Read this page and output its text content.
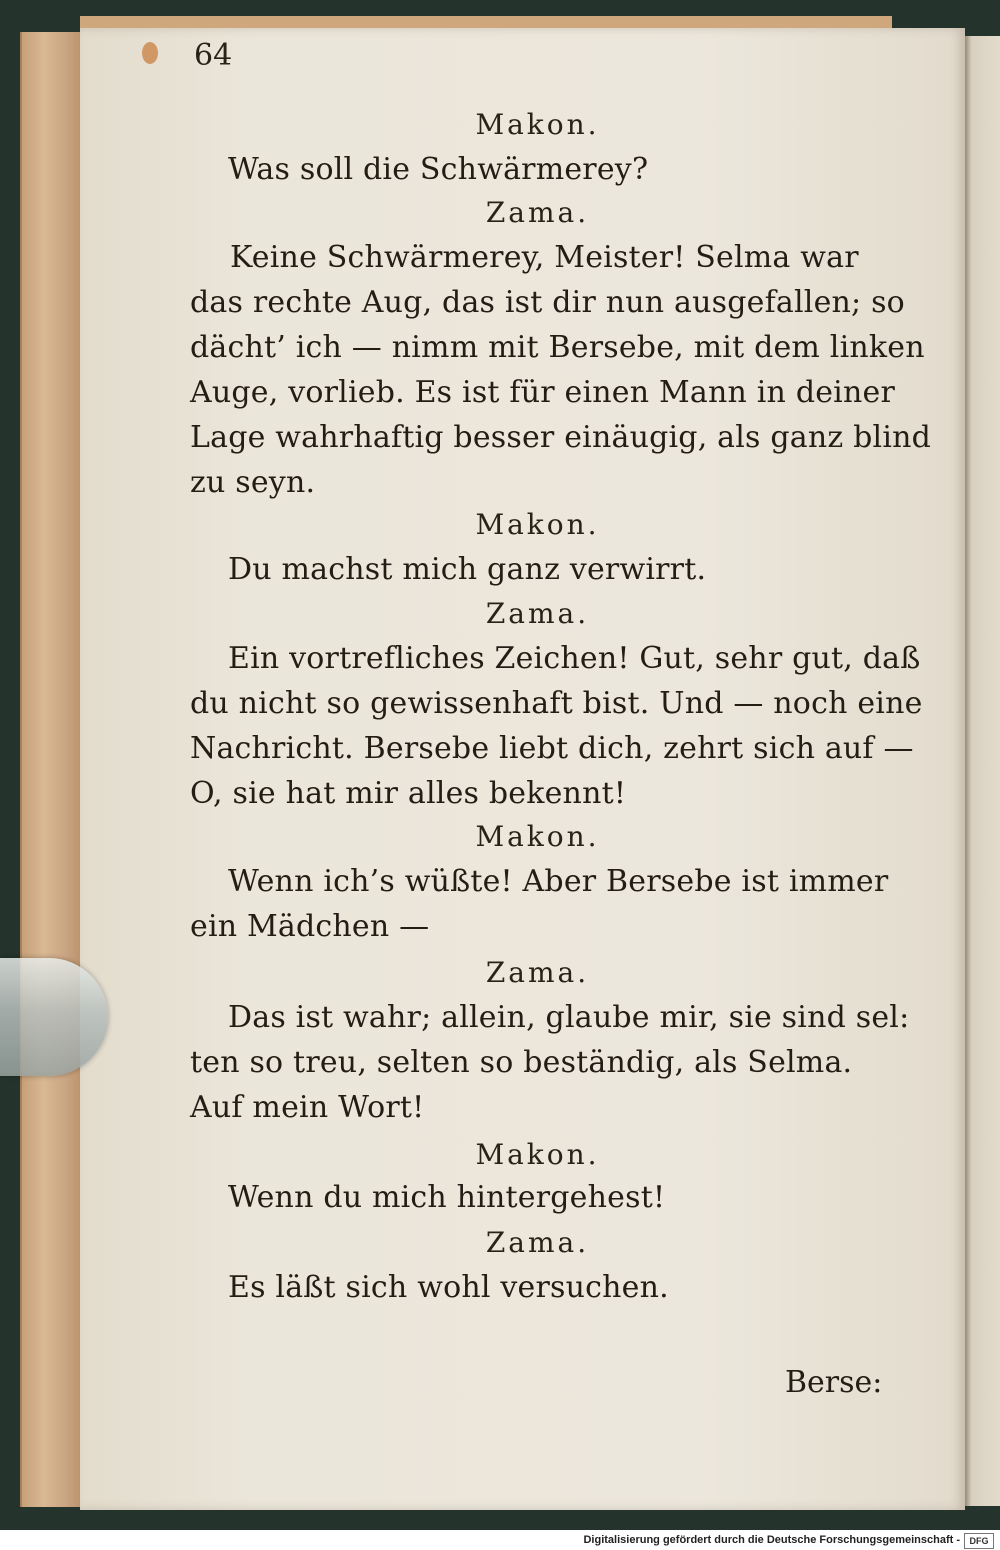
64
Makon.
Was soll die Schwärmerey?
Zama.
Keine Schwärmerey, Meister! Selma war
das rechte Aug, das ist dir nun ausgefallen; so
dächt’ ich — nimm mit Bersebe, mit dem linken
Auge, vorlieb. Es ist für einen Mann in deiner
Lage wahrhaftig besser einäugig, als ganz blind
zu seyn.
Makon.
Du machst mich ganz verwirrt.
Zama.
Ein vortrefliches Zeichen! Gut, sehr gut, daß
du nicht so gewissenhaft bist. Und — noch eine
Nachricht. Bersebe liebt dich, zehrt sich auf —
O, sie hat mir alles bekennt!
Makon.
Wenn ich’s wüßte! Aber Bersebe ist immer
ein Mädchen —
Zama.
Das ist wahr; allein, glaube mir, sie sind sel:
ten so treu, selten so beständig, als Selma.
Auf mein Wort!
Makon.
Wenn du mich hintergehest!
Zama.
Es läßt sich wohl versuchen.
Berse:
Digitalisierung gefördert durch die Deutsche Forschungsgemeinschaft -	DFG
